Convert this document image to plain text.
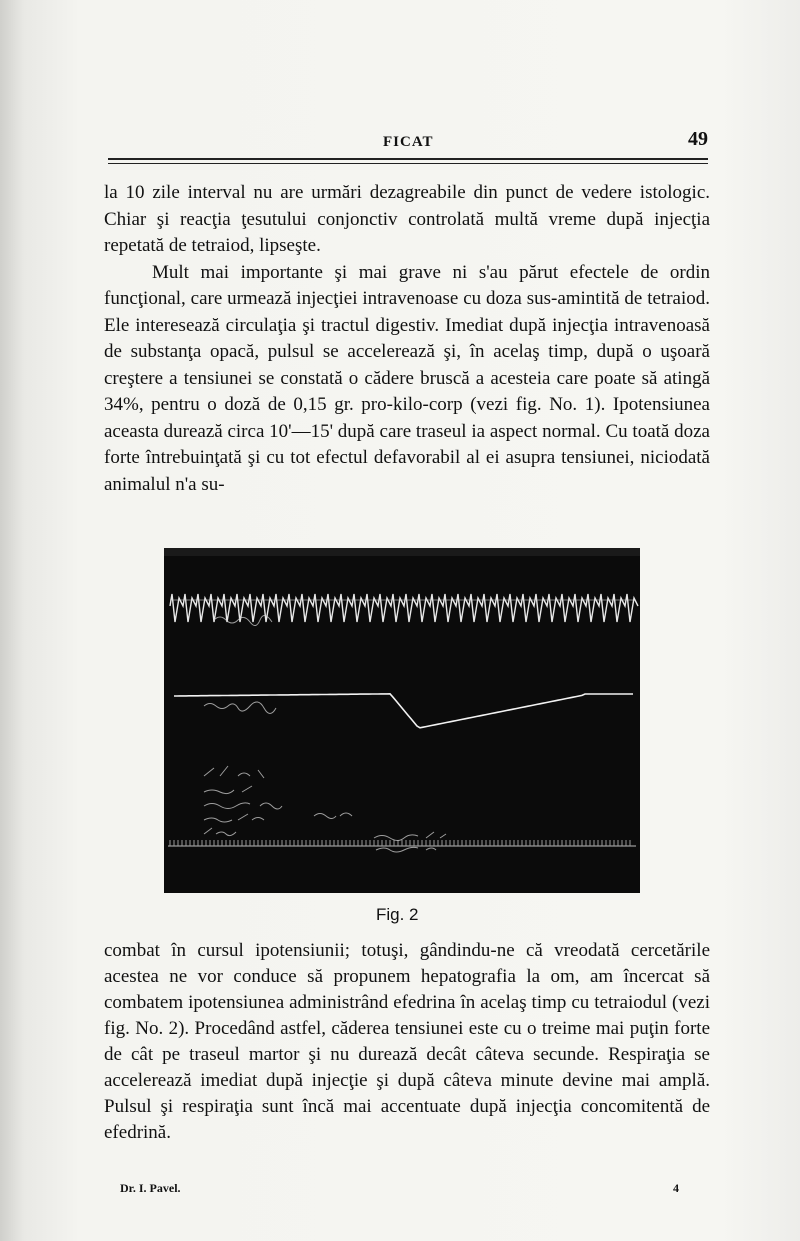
FICAT	49

la 10 zile interval nu are urmări dezagreabile din punct de vedere istologic. Chiar şi reacţia ţesutului conjonctiv controlată multă vreme după injecţia repetată de tetraiod, lipseşte.

Mult mai importante şi mai grave ni s'au părut efectele de ordin funcţional, care urmează injecţiei intravenoase cu doza sus-amintită de tetraiod. Ele interesează circulaţia şi tractul digestiv. Imediat după injecţia intravenoasă de substanţa opacă, pulsul se accelerează şi, în acelaş timp, după o uşoară creştere a tensiunei se constată o cădere bruscă a acesteia care poate să atingă 34%, pentru o doză de 0,15 gr. pro-kilo-corp (vezi fig. No. 1). Ipotensiunea aceasta durează circa 10'—15' după care traseul ia aspect normal. Cu toată doza forte întrebuinţată şi cu tot efectul defavorabil al ei asupra tensiunei, niciodată animalul n'a su-

Fig. 2

combat în cursul ipotensiunii; totuşi, gândindu-ne că vreodată cercetările acestea ne vor conduce să propunem hepatografia la om, am încercat să combatem ipotensiunea administrând efedrina în acelaş timp cu tetraiodul (vezi fig. No. 2). Procedând astfel, căderea tensiunei este cu o treime mai puţin forte de cât pe traseul martor şi nu durează decât câteva secunde. Respiraţia se accelerează imediat după injecţie şi după câteva minute devine mai amplă. Pulsul şi respiraţia sunt încă mai accentuate după injecţia concomitentă de efedrină.

Dr. I. Pavel.	4
